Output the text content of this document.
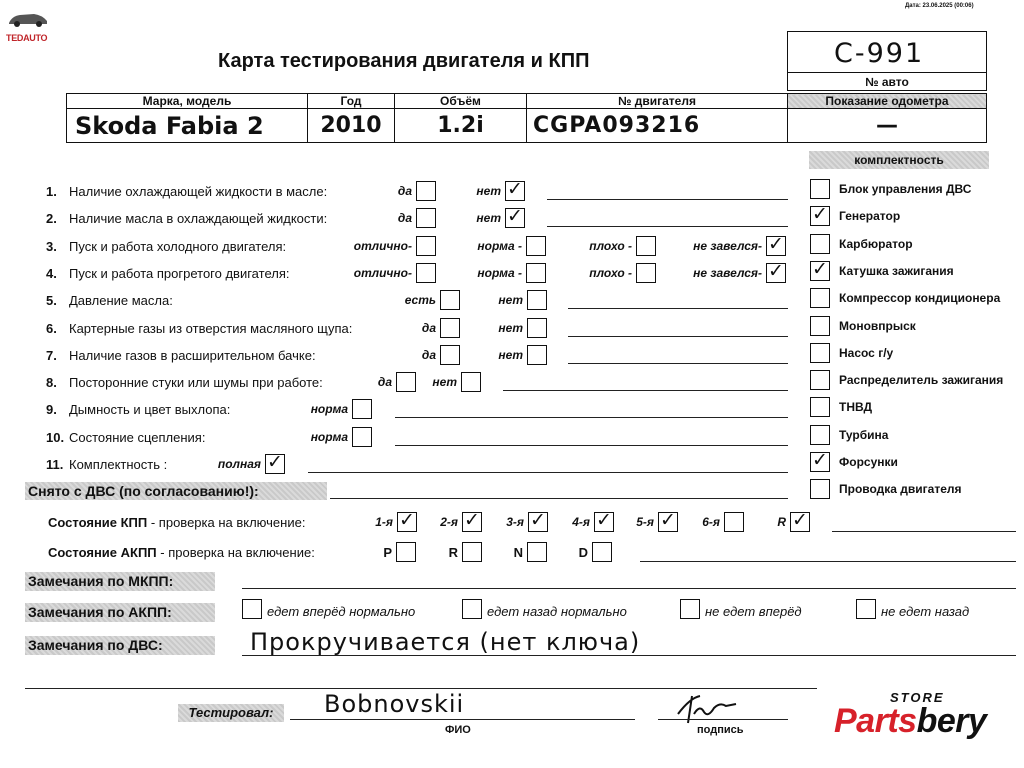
Дата: 23.06.2025 (00:06)
TEDAUTO
Карта тестирования двигателя и КПП	C-991
№ авто
Марка, модель	Год	Объём	№ двигателя	Показание одометра
Skoda Fabia 2	2010	1.2i	CGPA093216	—
комплектность
Блок управления ДВС
✓ Генератор
Карбюратор
✓ Катушка зажигания
Компрессор кондиционера
Моновпрыск
Насос г/у
Распределитель зажигания
ТНВД
Турбина
✓ Форсунки
Проводка двигателя
1. Наличие охлаждающей жидкости в масле:	да	нет ✓
2. Наличие масла в охлаждающей жидкости:	да	нет ✓
3. Пуск и работа холодного двигателя:	отлично-	норма -	плохо -	не завелся- ✓
4. Пуск и работа прогретого двигателя:	отлично-	норма -	плохо -	не завелся- ✓
5. Давление масла:	есть	нет
6. Картерные газы из отверстия масляного щупа:	да	нет
7. Наличие газов в расширительном бачке:	да	нет
8. Посторонние стуки или шумы при работе:	да	нет
9. Дымность и цвет выхлопа:	норма
10. Состояние сцепления:	норма
11. Комплектность :	полная ✓
Снято с ДВС (по согласованию!):
Состояние КПП - проверка на включение:	1-я ✓ 2-я ✓ 3-я ✓ 4-я ✓ 5-я ✓ 6-я	R ✓
Состояние АКПП - проверка на включение:	P	R	N	D
Замечания по МКПП:
Замечания по АКПП:	едет вперёд нормально	едет назад нормально	не едет вперёд	не едет назад
Замечания по ДВС:	Прокручивается (нет ключа)
Тестировал:	Bobnovskii
ФИО	подпись
STORE
Partsbery
